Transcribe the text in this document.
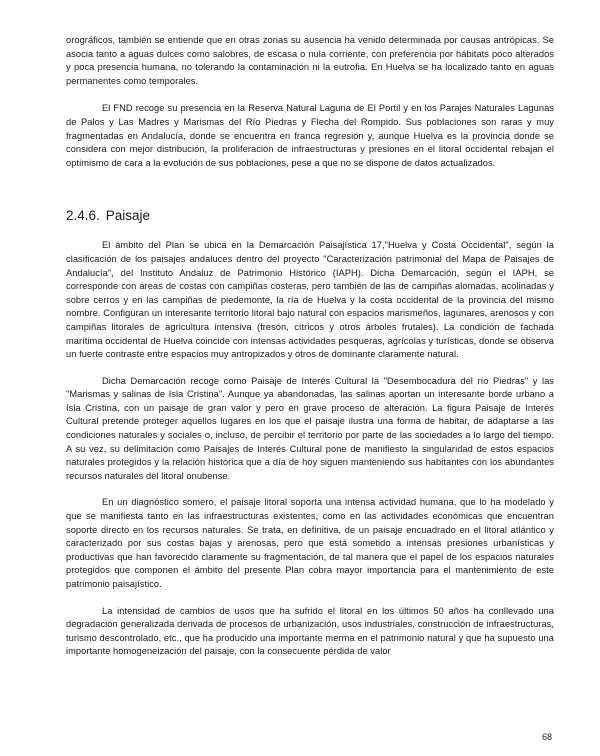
orográficos, también se entiende que en otras zonas su ausencia ha venido determinada por causas antrópicas. Se asocia tanto a aguas dulces como salobres, de escasa o nula corriente, con preferencia por hábitats poco alterados y poca presencia humana, no tolerando la contaminación ni la eutrofia. En Huelva se ha localizado tanto en aguas permanentes como temporales.

El FND recoge su presencia en la Reserva Natural Laguna de El Portil y en los Parajes Naturales Lagunas de Palos y Las Madres y Marismas del Río Piedras y Flecha del Rompido. Sus poblaciones son raras y muy fragmentadas en Andalucía, donde se encuentra en franca regresión y, aunque Huelva es la provincia donde se considera con mejor distribución, la proliferación de infraestructuras y presiones en el litoral occidental rebajan el optimismo de cara a la evolución de sus poblaciones, pese a que no se dispone de datos actualizados.

2.4.6. Paisaje

El ámbito del Plan se ubica en la Demarcación Paisajística 17,"Huelva y Costa Occidental", según la clasificación de los paisajes andaluces dentro del proyecto "Caracterización patrimonial del Mapa de Paisajes de Andalucía", del Instituto Andaluz de Patrimonio Histórico (IAPH). Dicha Demarcación, según el IAPH, se corresponde con áreas de costas con campiñas costeras, pero también de las de campiñas alomadas, acolinadas y sobre cerros y en las campiñas de piedemonte, la ría de Huelva y la costa occidental de la provincia del mismo nombre. Configuran un interesante territorio litoral bajo natural con espacios marismeños, lagunares, arenosos y con campiñas litorales de agricultura intensiva (fresón, cítricos y otros árboles frutales). La condición de fachada marítima occidental de Huelva coincide con intensas actividades pesqueras, agrícolas y turísticas, donde se observa un fuerte contraste entre espacios muy antropizados y otros de dominante claramente natural.

Dicha Demarcación recoge como Paisaje de Interés Cultural la "Desembocadura del río Piedras" y las "Marismas y salinas de Isla Cristina". Aunque ya abandonadas, las salinas aportan un interesante borde urbano a Isla Cristina, con un paisaje de gran valor y pero en grave proceso de alteración. La figura Paisaje de Interés Cultural pretende proteger aquellos lugares en los que el paisaje ilustra una forma de habitar, de adaptarse a las condiciones naturales y sociales o, incluso, de percibir el territorio por parte de las sociedades a lo largo del tiempo. A su vez, su delimitación como Paisajes de Interés Cultural pone de manifiesto la singularidad de estos espacios naturales protegidos y la relación histórica que a día de hoy siguen manteniendo sus habitantes con los abundantes recursos naturales del litoral onubense.

En un diagnóstico somero, el paisaje litoral soporta una intensa actividad humana, que lo ha modelado y que se manifiesta tanto en las infraestructuras existentes, como en las actividades económicas que encuentran soporte directo en los recursos naturales. Se trata, en definitiva, de un paisaje encuadrado en el litoral atlántico y caracterizado por sus costas bajas y arenosas, pero que está sometido a intensas presiones urbanísticas y productivas que han favorecido claramente su fragmentación, de tal manera que el papel de los espacios naturales protegidos que componen el ámbito del presente Plan cobra mayor importancia para el mantenimiento de este patrimonio paisajístico.

La intensidad de cambios de usos que ha sufrido el litoral en los últimos 50 años ha conllevado una degradación generalizada derivada de procesos de urbanización, usos industriales, construcción de infraestructuras, turismo descontrolado, etc., que ha producido una importante merma en el patrimonio natural y que ha supuesto una importante homogeneización del paisaje, con la consecuente pérdida de valor

68
